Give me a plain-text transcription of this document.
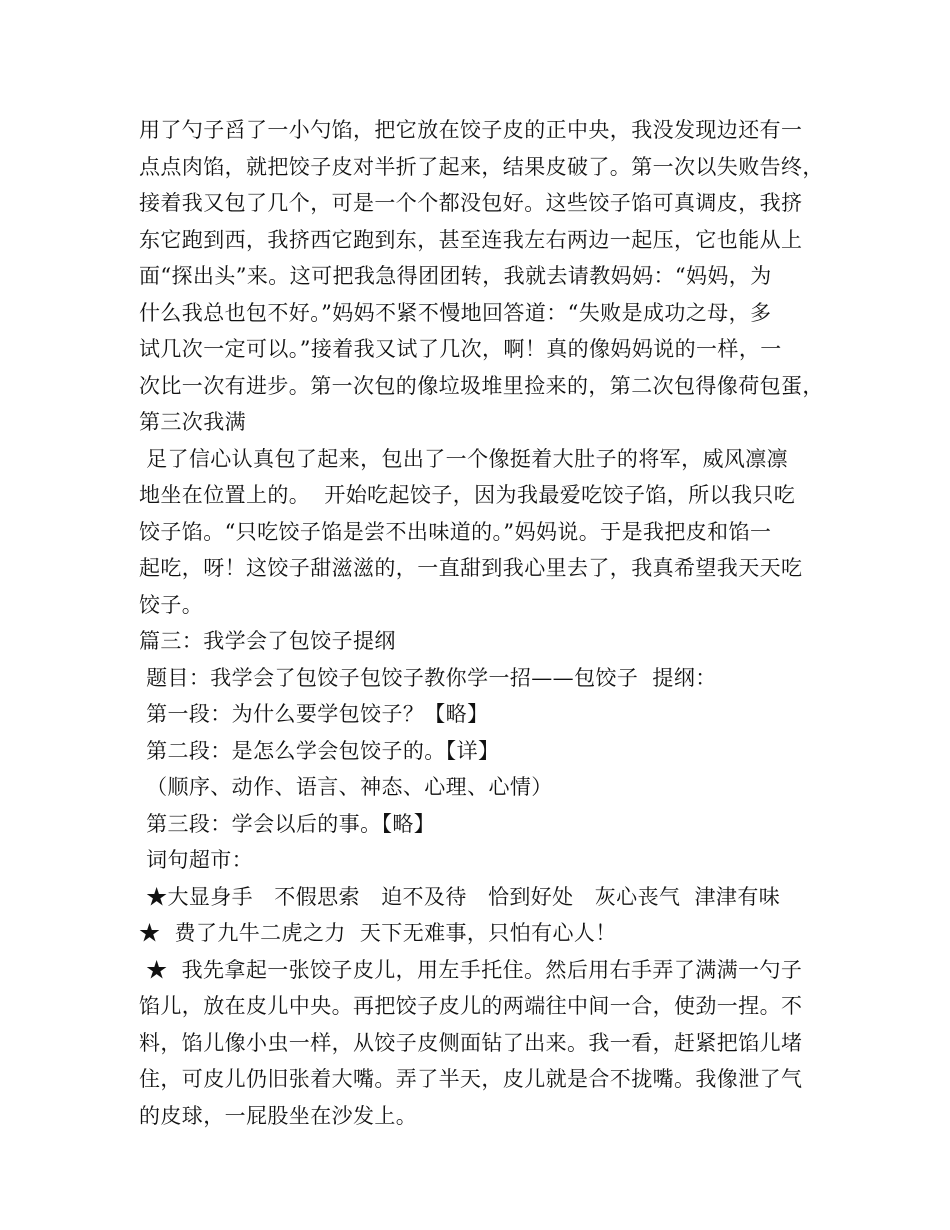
用了勺子舀了一小勺馅，把它放在饺子皮的正中央，我没发现边还有一
点点肉馅，就把饺子皮对半折了起来，结果皮破了。第一次以失败告终，
接着我又包了几个，可是一个个都没包好。这些饺子馅可真调皮，我挤
东它跑到西，我挤西它跑到东，甚至连我左右两边一起压，它也能从上
面“探出头”来。这可把我急得团团转，我就去请教妈妈：“妈妈，为
什么我总也包不好。”妈妈不紧不慢地回答道：“失败是成功之母，多
试几次一定可以。”接着我又试了几次，啊！真的像妈妈说的一样，一
次比一次有进步。第一次包的像垃圾堆里捡来的，第二次包得像荷包蛋，
第三次我满
足了信心认真包了起来，包出了一个像挺着大肚子的将军，威风凛凛
地坐在位置上的。  开始吃起饺子，因为我最爱吃饺子馅，所以我只吃
饺子馅。“只吃饺子馅是尝不出味道的。”妈妈说。于是我把皮和馅一
起吃，呀！这饺子甜滋滋的，一直甜到我心里去了，我真希望我天天吃
饺子。
篇三：我学会了包饺子提纲
题目：我学会了包饺子包饺子教你学一招——包饺子  提纲：
第一段：为什么要学包饺子？【略】
第二段：是怎么学会包饺子的。【详】
（顺序、动作、语言、神态、心理、心情）
第三段：学会以后的事。【略】
词句超市：
★大显身手   不假思索   迫不及待   恰到好处   灰心丧气  津津有味
★  费了九牛二虎之力  天下无难事，只怕有心人！
★  我先拿起一张饺子皮儿，用左手托住。然后用右手弄了满满一勺子
馅儿，放在皮儿中央。再把饺子皮儿的两端往中间一合，使劲一捏。不
料，馅儿像小虫一样，从饺子皮侧面钻了出来。我一看，赶紧把馅儿堵
住，可皮儿仍旧张着大嘴。弄了半天，皮儿就是合不拢嘴。我像泄了气
的皮球，一屁股坐在沙发上。
